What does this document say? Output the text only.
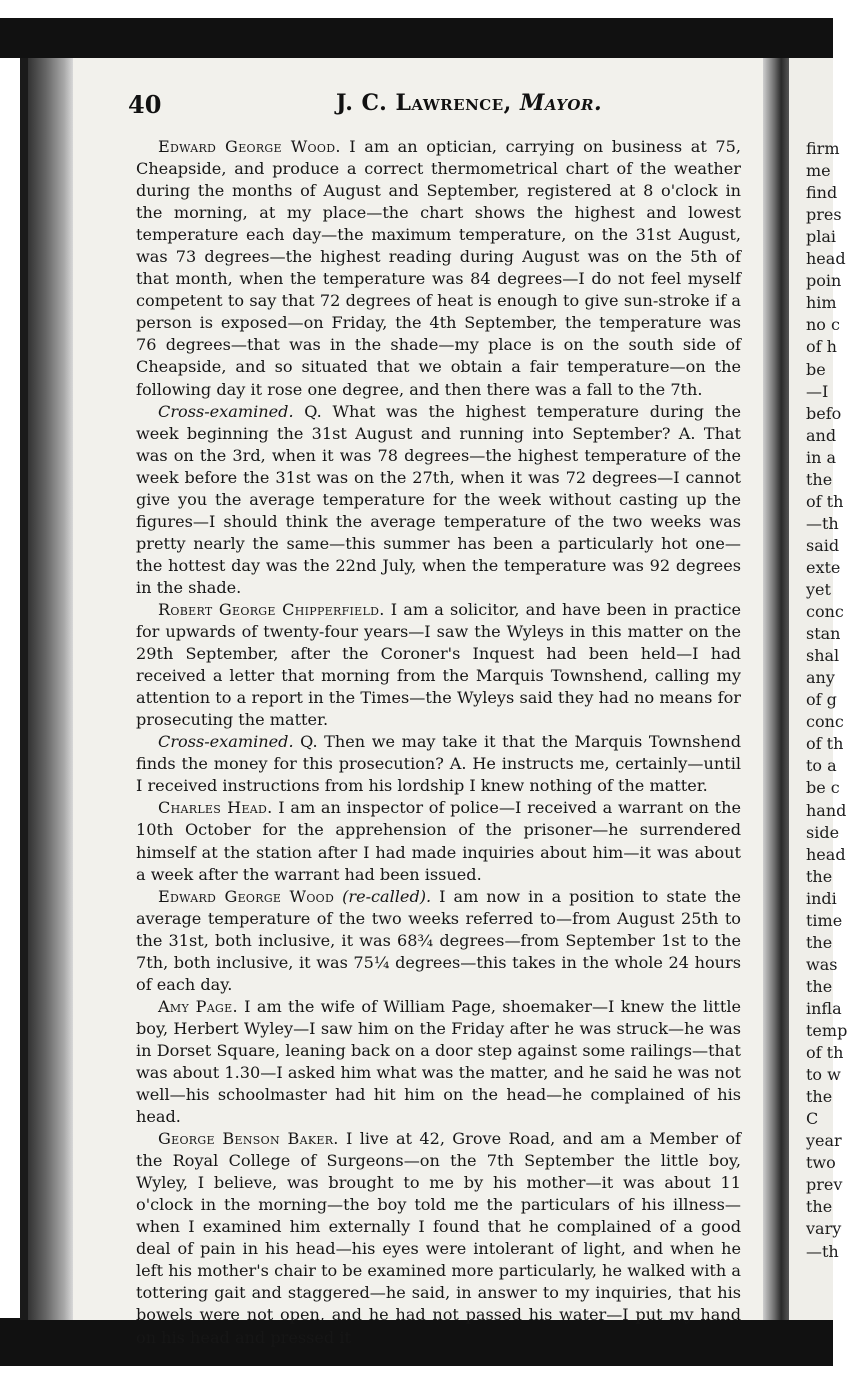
firm
me
find
pres
plai
head
poin
him
no c
of h
be
—I
befo
and
in a
the
of th
—th
said
exte
yet
conc
stan
shal
any
of g
conc
of th
to a
be c
hand
side
head
the
indi
time
the
was
the
infla
temp
of th
to w
the
C
year
two
prev
the
vary
—th
40	J. C. Lawrence, Mayor.

Edward George Wood. I am an optician, carrying on business at 75, Cheapside, and produce a correct thermometrical chart of the weather during the months of August and September, registered at 8 o'clock in the morning, at my place—the chart shows the highest and lowest temperature each day—the maximum temperature, on the 31st August, was 73 degrees—the highest reading during August was on the 5th of that month, when the temperature was 84 degrees—I do not feel myself competent to say that 72 degrees of heat is enough to give sun-stroke if a person is exposed—on Friday, the 4th September, the temperature was 76 degrees—that was in the shade—my place is on the south side of Cheapside, and so situated that we obtain a fair temperature—on the following day it rose one degree, and then there was a fall to the 7th.

Cross-examined. Q. What was the highest temperature during the week beginning the 31st August and running into September? A. That was on the 3rd, when it was 78 degrees—the highest temperature of the week before the 31st was on the 27th, when it was 72 degrees—I cannot give you the average temperature for the week without casting up the figures—I should think the average temperature of the two weeks was pretty nearly the same—this summer has been a particularly hot one—the hottest day was the 22nd July, when the temperature was 92 degrees in the shade.

Robert George Chipperfield. I am a solicitor, and have been in practice for upwards of twenty-four years—I saw the Wyleys in this matter on the 29th September, after the Coroner's Inquest had been held—I had received a letter that morning from the Marquis Townshend, calling my attention to a report in the Times—the Wyleys said they had no means for prosecuting the matter.

Cross-examined. Q. Then we may take it that the Marquis Townshend finds the money for this prosecution? A. He instructs me, certainly—until I received instructions from his lordship I knew nothing of the matter.

Charles Head. I am an inspector of police—I received a warrant on the 10th October for the apprehension of the prisoner—he surrendered himself at the station after I had made inquiries about him—it was about a week after the warrant had been issued.

Edward George Wood (re-called). I am now in a position to state the average temperature of the two weeks referred to—from August 25th to the 31st, both inclusive, it was 68¾ degrees—from September 1st to the 7th, both inclusive, it was 75¼ degrees—this takes in the whole 24 hours of each day.

Amy Page. I am the wife of William Page, shoemaker—I knew the little boy, Herbert Wyley—I saw him on the Friday after he was struck—he was in Dorset Square, leaning back on a door step against some railings—that was about 1.30—I asked him what was the matter, and he said he was not well—his schoolmaster had hit him on the head—he complained of his head.

George Benson Baker. I live at 42, Grove Road, and am a Member of the Royal College of Surgeons—on the 7th September the little boy, Wyley, I believe, was brought to me by his mother—it was about 11 o'clock in the morning—the boy told me the particulars of his illness—when I examined him externally I found that he complained of a good deal of pain in his head—his eyes were intolerant of light, and when he left his mother's chair to be examined more particularly, he walked with a tottering gait and staggered—he said, in answer to my inquiries, that his bowels were not open, and he had not passed his water—I put my hand on his head and pressed it
